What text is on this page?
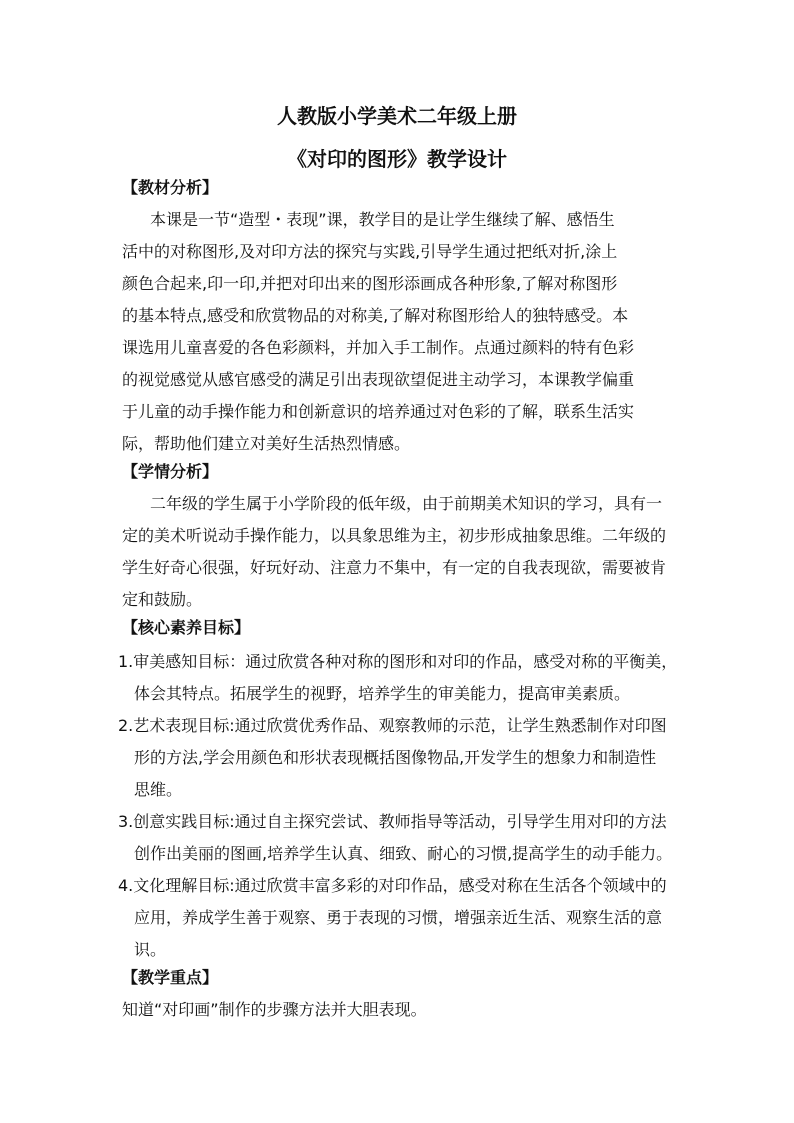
人教版小学美术二年级上册
《对印的图形》教学设计
【教材分析】
本课是一节“造型・表现”课，教学目的是让学生继续了解、感悟生
活中的对称图形,及对印方法的探究与实践,引导学生通过把纸对折,涂上
颜色合起来,印一印,并把对印出来的图形添画成各种形象,了解对称图形
的基本特点,感受和欣赏物品的对称美,了解对称图形给人的独特感受。本
课选用儿童喜爱的各色彩颜料，并加入手工制作。点通过颜料的特有色彩
的视觉感觉从感官感受的满足引出表现欲望促进主动学习，本课教学偏重
于儿童的动手操作能力和创新意识的培养通过对色彩的了解，联系生活实
际，帮助他们建立对美好生活热烈情感。
【学情分析】
二年级的学生属于小学阶段的低年级，由于前期美术知识的学习，具有一
定的美术听说动手操作能力，以具象思维为主，初步形成抽象思维。二年级的
学生好奇心很强，好玩好动、注意力不集中，有一定的自我表现欲，需要被肯
定和鼓励。
【核心素养目标】
1.审美感知目标：通过欣赏各种对称的图形和对印的作品，感受对称的平衡美，
体会其特点。拓展学生的视野，培养学生的审美能力，提高审美素质。
2.艺术表现目标:通过欣赏优秀作品、观察教师的示范，让学生熟悉制作对印图
形的方法,学会用颜色和形状表现概括图像物品,开发学生的想象力和制造性
思维。
3.创意实践目标:通过自主探究尝试、教师指导等活动，引导学生用对印的方法
创作出美丽的图画,培养学生认真、细致、耐心的习惯,提高学生的动手能力。
4.文化理解目标:通过欣赏丰富多彩的对印作品，感受对称在生活各个领域中的
应用，养成学生善于观察、勇于表现的习惯，增强亲近生活、观察生活的意
识。
【教学重点】
知道“对印画”制作的步骤方法并大胆表现。
